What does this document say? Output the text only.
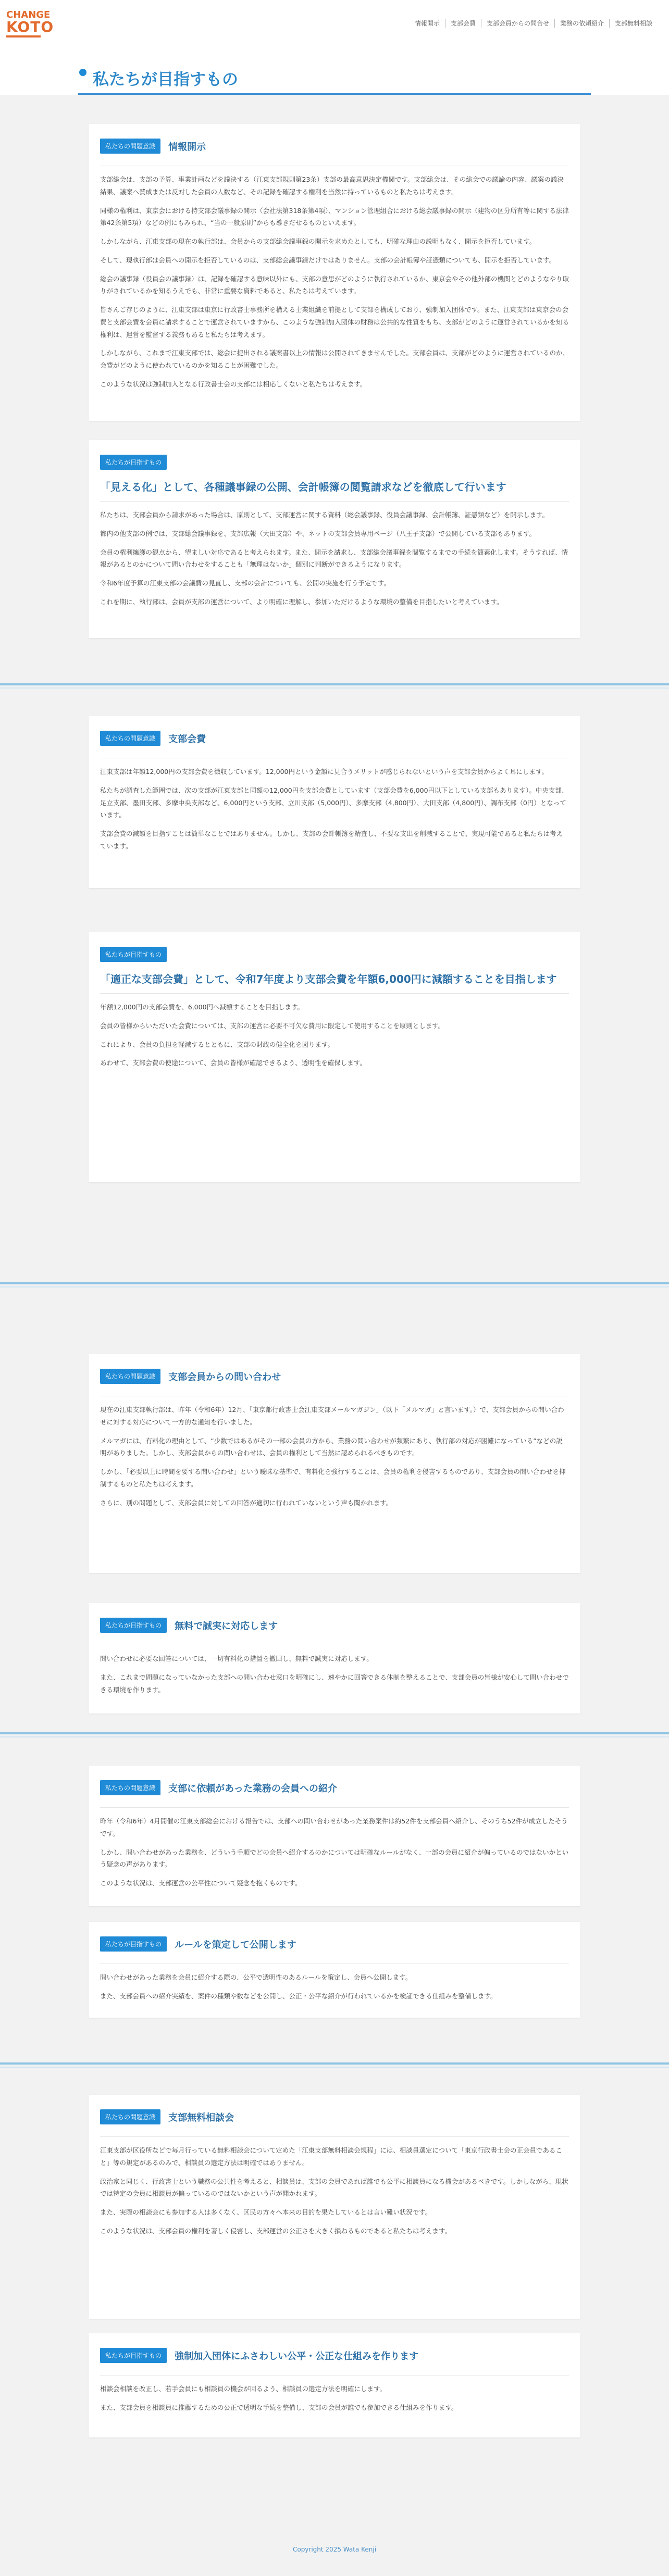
CHANGE
KOTO	情報開示	支部会費	支部会員からの問合せ	業務の依頼紹介	支部無料相談
私たちが目指すもの
私たちの問題意識 情報開示

支部総会は、支部の予算、事業計画などを議決する（江東支部規則第23条）支部の最高意思決定機関です。支部総会は、その総会での議論の内容、議案の議決結果、議案へ賛成または反対した会員の人数など、その記録を確認する権利を当然に持っているものと私たちは考えます。

同様の権利は、東京会における持支部会議事録の開示（会社法第318条第4項）、マンション管理組合における総会議事録の開示（建物の区分所有等に関する法律第42条第5項）などの例にもみられ、“当の一般原則”からも導きだせるものといえます。

しかしながら、江東支部の現在の執行部は、会員からの支部総会議事録の開示を求めたとしても、明確な理由の説明もなく、開示を拒否しています。

そして、現執行部は会員への開示を拒否しているのは、支部総会議事録だけではありません。支部の会計帳簿や証憑類についても、開示を拒否しています。

総会の議事録（役員会の議事録）は、記録を確認する意味以外にも、支部の意思がどのように執行されているか、東京会やその他外部の機関とどのようなやり取りがされているかを知るうえでも、非常に重要な資料であると、私たちは考えています。

皆さんご存じのように、江東支部は東京に行政書士事務所を構える士業組織を前提として支部を構成しており、強制加入団体です。また、江東支部は東京会の会費と支部会費を会員に請求することで運営されていますから、このような強制加入団体の財務は公共的な性質をもち、支部がどのように運営されているかを知る権利は、運営を監督する義務もあると私たちは考えます。

しかしながら、これまで江東支部では、総会に提出される議案書以上の情報は公開されてきませんでした。支部会員は、支部がどのように運営されているのか、会費がどのように使われているのかを知ることが困難でした。

このような状況は強制加入となる行政書士会の支部には相応しくないと私たちは考えます。

私たちが目指すもの
「見える化」として、各種議事録の公開、会計帳簿の閲覧請求などを徹底して行います

私たちは、支部会員から請求があった場合は、原則として、支部運営に関する資料（総会議事録、役員会議事録、会計帳簿、証憑類など）を開示します。

都内の他支部の例では、支部総会議事録を、支部広報（大田支部）や、ネットの支部会員専用ページ（八王子支部）で公開している支部もあります。

会員の権利擁護の観点から、望ましい対応であると考えられます。また、開示を請求し、支部総会議事録を閲覧するまでの手続を簡素化します。そうすれば、情報があるとのかについて問い合わせをすることも「無理はないか」個別に判断ができるようになります。

令和6年度予算の江東支部の会議費の見直し、支部の会計についても、公開の実施を行う予定です。

これを期に、執行部は、会員が支部の運営について、より明確に理解し、参加いただけるような環境の整備を目指したいと考えています。

私たちの問題意識 支部会費

江東支部は年額12,000円の支部会費を徴収しています。12,000円という金額に見合うメリットが感じられないという声を支部会員からよく耳にします。

私たちが調査した範囲では、次の支部が江東支部と同額の12,000円を支部会費としています（支部会費を6,000円以下としている支部もあります）。中央支部、足立支部、墨田支部、多摩中央支部など、6,000円という支部、立川支部（5,000円）、多摩支部（4,800円）、大田支部（4,800円）、調布支部（0円）となっています。

支部会費の減額を目指すことは簡単なことではありません。しかし、支部の会計帳簿を精査し、不要な支出を削減することで、実現可能であると私たちは考えています。

私たちが目指すもの
「適正な支部会費」として、令和7年度より支部会費を年額6,000円に減額することを目指します

年額12,000円の支部会費を、6,000円へ減額することを目指します。

会員の皆様からいただいた会費については、支部の運営に必要不可欠な費用に限定して使用することを原則とします。

これにより、会員の負担を軽減するとともに、支部の財政の健全化を図ります。

あわせて、支部会費の使途について、会員の皆様が確認できるよう、透明性を確保します。

私たちの問題意識 支部会員からの問い合わせ

現在の江東支部執行部は、昨年（令和6年）12月、「東京都行政書士会江東支部メールマガジン」（以下「メルマガ」と言います。）で、支部会員からの問い合わせに対する対応について一方的な通知を行いました。

メルマガには、有料化の理由として、“少数ではあるがその一部の会員の方から、業務の問い合わせが頻繁にあり、執行部の対応が困難になっている”などの説明がありました。しかし、支部会員からの問い合わせは、会員の権利として当然に認められるべきものです。

しかし、「必要以上に時間を要する問い合わせ」という曖昧な基準で、有料化を強行することは、会員の権利を侵害するものであり、支部会員の問い合わせを抑制するものと私たちは考えます。

さらに、別の問題として、支部会員に対しての回答が適切に行われていないという声も聞かれます。

私たちが目指すもの 無料で誠実に対応します

問い合わせに必要な回答については、一切有料化の措置を撤回し、無料で誠実に対応します。

また、これまで問題になっていなかった支部への問い合わせ窓口を明確にし、速やかに回答できる体制を整えることで、支部会員の皆様が安心して問い合わせできる環境を作ります。

私たちの問題意識 支部に依頼があった業務の会員への紹介

昨年（令和6年）4月開催の江東支部総会における報告では、支部への問い合わせがあった業務案件は約52件を支部会員へ紹介し、そのうち52件が成立したそうです。

しかし、問い合わせがあった業務を、どういう手順でどの会員へ紹介するのかについては明確なルールがなく、一部の会員に紹介が偏っているのではないかという疑念の声があります。

このような状況は、支部運営の公平性について疑念を抱くものです。

私たちが目指すもの ルールを策定して公開します

問い合わせがあった業務を会員に紹介する際の、公平で透明性のあるルールを策定し、会員へ公開します。

また、支部会員への紹介実績を、案件の種類や数などを公開し、公正・公平な紹介が行われているかを検証できる仕組みを整備します。

私たちの問題意識 支部無料相談会

江東支部が区役所などで毎月行っている無料相談会について定めた「江東支部無料相談会規程」には、相談員選定について「東京行政書士会の正会員であること」等の規定があるのみで、相談員の選定方法は明確ではありません。

政治家と同じく、行政書士という職務の公共性を考えると、相談員は、支部の会員であれば誰でも公平に相談員になる機会があるべきです。しかしながら、現状では特定の会員に相談員が偏っているのではないかという声が聞かれます。

また、実際の相談会にも参加する人は多くなく、区民の方々へ本来の目的を果たしているとは言い難い状況です。

このような状況は、支部会員の権利を著しく侵害し、支部運営の公正さを大きく損ねるものであると私たちは考えます。

私たちが目指すもの 強制加入団体にふさわしい公平・公正な仕組みを作ります

相談会相談を改正し、若手会員にも相談員の機会が回るよう、相談員の選定方法を明確にします。

また、支部会員を相談員に推薦するための公正で透明な手続を整備し、支部の会員が誰でも参加できる仕組みを作ります。

Copyright 2025 Wata Kenji
